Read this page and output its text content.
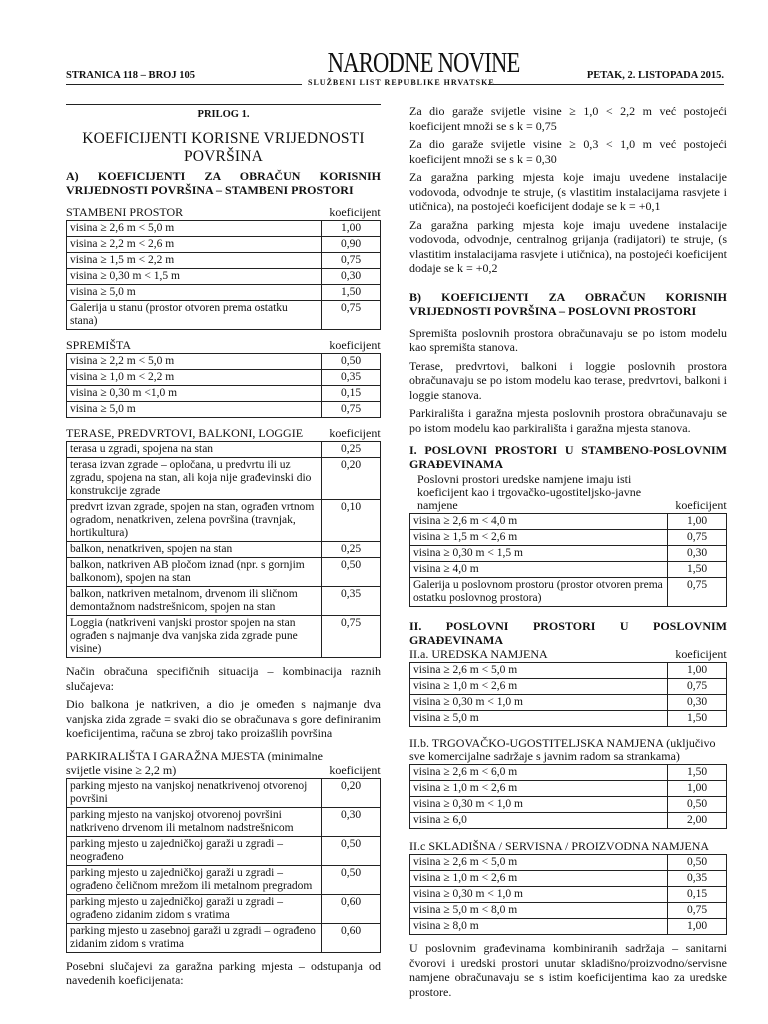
STRANICA 118 – BROJ 105	NARODNE NOVINE
SLUŽBENI LIST REPUBLIKE HRVATSKE
PETAK, 2. LISTOPADA 2015.
PRILOG 1.
KOEFICIJENTI KORISNE VRIJEDNOSTI POVRŠINA
A) KOEFICIJENTI ZA OBRAČUN KORISNIH VRIJEDNOSTI POVRŠINA – STAMBENI PROSTORI
STAMBENI PROSTOR	koeficijent
visina ≥ 2,6 m < 5,0 m	1,00
visina ≥ 2,2 m < 2,6 m	0,90
visina ≥ 1,5 m < 2,2 m	0,75
visina ≥ 0,30 m < 1,5 m	0,30
visina ≥ 5,0 m	1,50
Galerija u stanu (prostor otvoren prema ostatku stana)	0,75
SPREMIŠTA	koeficijent
visina ≥ 2,2 m < 5,0 m	0,50
visina ≥ 1,0 m < 2,2 m	0,35
visina ≥ 0,30 m <1,0 m	0,15
visina ≥ 5,0 m	0,75
TERASE, PREDVRTOVI, BALKONI, LOGGIE koeficijent
terasa u zgradi, spojena na stan	0,25
terasa izvan zgrade – opločana, u predvrtu ili uz zgradu, spojena na stan, ali koja nije građevinski dio konstrukcije zgrade	0,20
predvrt izvan zgrade, spojen na stan, ograđen vrtnom ogradom, nenatkriven, zelena površina (travnjak, hortikultura)	0,10
balkon, nenatkriven, spojen na stan	0,25
balkon, natkriven AB pločom iznad (npr. s gornjim balkonom), spojen na stan	0,50
balkon, natkriven metalnom, drvenom ili sličnom demontažnom nadstrešnicom, spojen na stan	0,35
Loggia (natkriveni vanjski prostor spojen na stan ograđen s najmanje dva vanjska zida zgrade pune visine)	0,75

Način obračuna specifičnih situacija – kombinacija raznih slučajeva:

Dio balkona je natkriven, a dio je omeđen s najmanje dva vanjska zida zgrade = svaki dio se obračunava s gore definiranim koeficijentima, računa se zbroj tako proizašlih površina

PARKIRALIŠTA I GARAŽNA MJESTA (minimalne
svijetle visine ≥ 2,2 m)	koeficijent
parking mjesto na vanjskoj nenatkrivenoj otvorenoj površini	0,20
parking mjesto na vanjskoj otvorenoj površini natkriveno drvenom ili metalnom nadstrešnicom	0,30
parking mjesto u zajedničkoj garaži u zgradi – neograđeno	0,50
parking mjesto u zajedničkoj garaži u zgradi – ograđeno čeličnom mrežom ili metalnom pregradom	0,50
parking mjesto u zajedničkoj garaži u zgradi – ograđeno zidanim zidom s vratima	0,60
parking mjesto u zasebnoj garaži u zgradi – ograđeno zidanim zidom s vratima	0,60

Posebni slučajevi za garažna parking mjesta – odstupanja od navedenih koeficijenata:

Za dio garaže svijetle visine ≥ 1,0 < 2,2 m već postojeći koeficijent množi se s k = 0,75

Za dio garaže svijetle visine ≥ 0,3 < 1,0 m već postojeći koeficijent množi se s k = 0,30

Za garažna parking mjesta koje imaju uvedene instalacije vodovoda, odvodnje te struje, (s vlastitim instalacijama rasvjete i utičnica), na postojeći koeficijent dodaje se k = +0,1

Za garažna parking mjesta koje imaju uvedene instalacije vodovoda, odvodnje, centralnog grijanja (radijatori) te struje, (s vlastitim instalacijama rasvjete i utičnica), na postojeći koeficijent dodaje se k = +0,2

B) KOEFICIJENTI ZA OBRAČUN KORISNIH VRIJEDNOSTI POVRŠINA – POSLOVNI PROSTORI

Spremišta poslovnih prostora obračunavaju se po istom modelu kao spremišta stanova.

Terase, predvrtovi, balkoni i loggie poslovnih prostora obračunavaju se po istom modelu kao terase, predvrtovi, balkoni i loggie stanova.

Parkirališta i garažna mjesta poslovnih prostora obračunavaju se po istom modelu kao parkirališta i garažna mjesta stanova.

I. POSLOVNI PROSTORI U STAMBENO-POSLOVNIM GRAĐEVINAMA
Poslovni prostori uredske namjene imaju isti koeficijent kao i trgovačko-ugostiteljsko-javne namjene	koeficijent
visina ≥ 2,6 m < 4,0 m	1,00
visina ≥ 1,5 m < 2,6 m	0,75
visina ≥ 0,30 m < 1,5 m	0,30
visina ≥ 4,0 m	1,50
Galerija u poslovnom prostoru (prostor otvoren prema ostatku poslovnog prostora)	0,75
II. POSLOVNI PROSTORI U POSLOVNIM GRAĐEVINAMA
II.a. UREDSKA NAMJENA	koeficijent
visina ≥ 2,6 m < 5,0 m	1,00
visina ≥ 1,0 m < 2,6 m	0,75
visina ≥ 0,30 m < 1,0 m	0,30
visina ≥ 5,0 m	1,50
II.b. TRGOVAČKO-UGOSTITELJSKA NAMJENA (uključivo sve komercijalne sadržaje s javnim radom sa strankama)
visina ≥ 2,6 m < 6,0 m	1,50
visina ≥ 1,0 m < 2,6 m	1,00
visina ≥ 0,30 m < 1,0 m	0,50
visina ≥ 6,0	2,00
II.c SKLADIŠNA / SERVISNA / PROIZVODNA NAMJENA
visina ≥ 2,6 m < 5,0 m	0,50
visina ≥ 1,0 m < 2,6 m	0,35
visina ≥ 0,30 m < 1,0 m	0,15
visina ≥ 5,0 m < 8,0 m	0,75
visina ≥ 8,0 m	1,00

U poslovnim građevinama kombiniranih sadržaja – sanitarni čvorovi i uredski prostori unutar skladišno/proizvodno/servisne namjene obračunavaju se s istim koeficijentima kao za uredske prostore.
